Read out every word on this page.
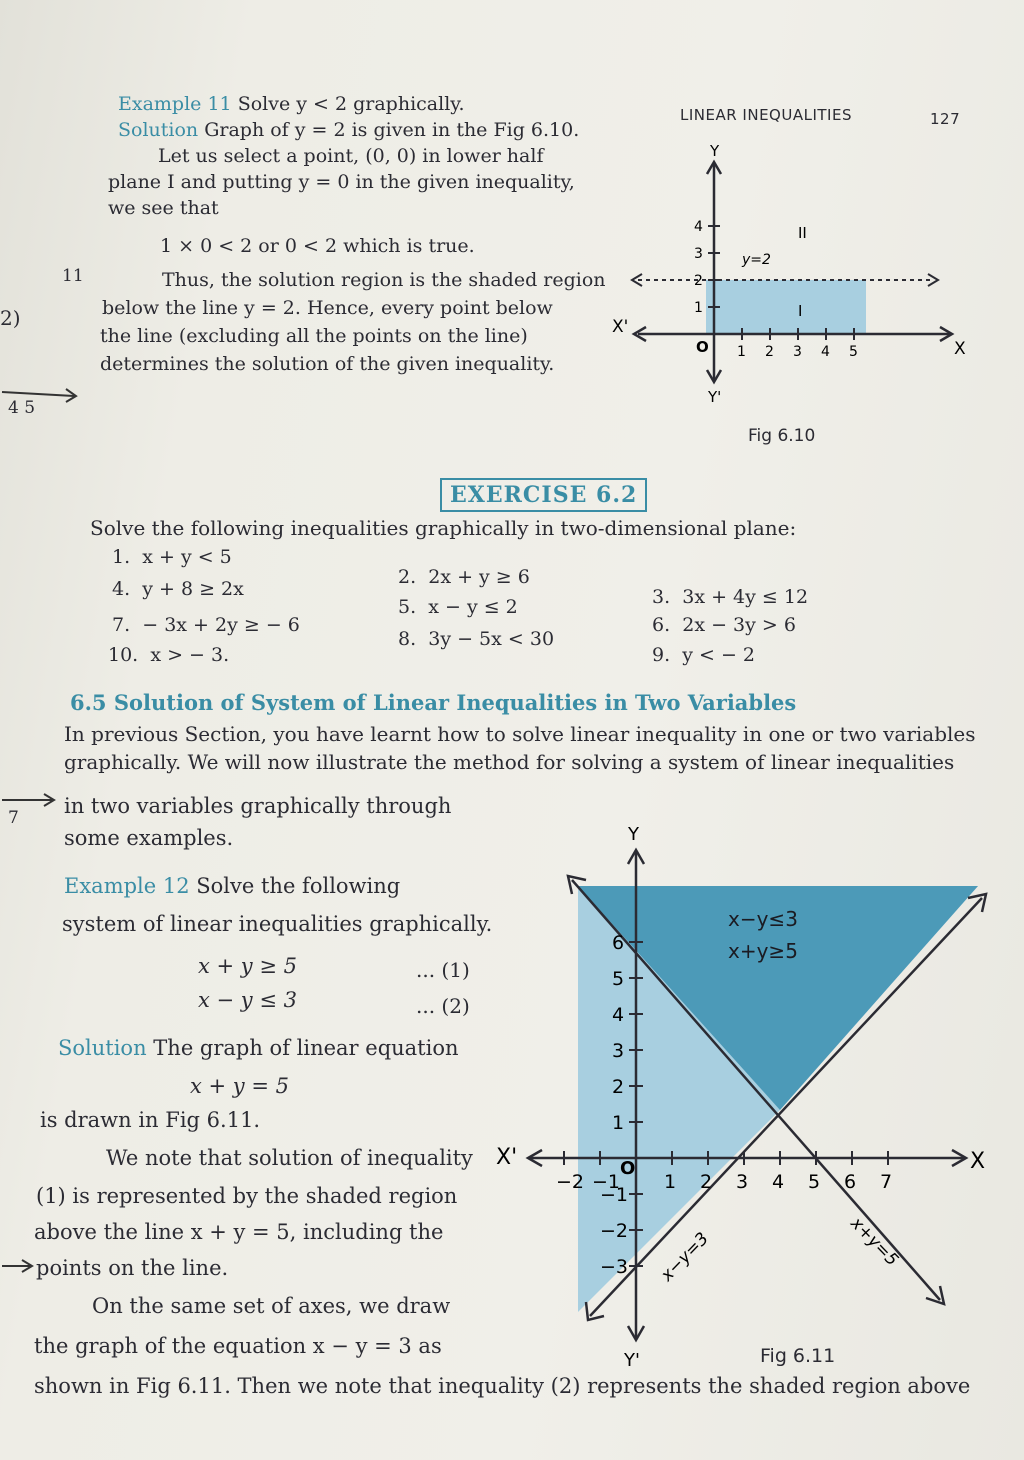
11
2)
4 5
7
LINEAR INEQUALITIES	127
Example 11 Solve y < 2 graphically.
Solution Graph of y = 2 is given in the Fig 6.10.
Let us select a point, (0, 0) in lower half
plane I and putting y = 0 in the given inequality,
we see that
1 × 0 < 2 or 0 < 2 which is true.
Thus, the solution region is the shaded region
below the line y = 2. Hence, every point below
the line (excluding all the points on the line)
determines the solution of the given inequality.
Y
Y'
X
X'
O 1 2 3 4 5
1
2
3
4
y=2
I
II
Fig 6.10
EXERCISE 6.2
Solve the following inequalities graphically in two-dimensional plane:
1. x + y < 5
2. 2x + y ≥ 6
3. 3x + 4y ≤ 12
4. y + 8 ≥ 2x
5. x − y ≤ 2
6. 2x − 3y > 6
7. − 3x + 2y ≥ − 6
8. 3y − 5x < 30
9. y < − 2
10. x > − 3.
6.5 Solution of System of Linear Inequalities in Two Variables
In previous Section, you have learnt how to solve linear inequality in one or two variables
graphically. We will now illustrate the method for solving a system of linear inequalities
in two variables graphically through
some examples.
Example 12 Solve the following
system of linear inequalities graphically.
x + y ≥ 5	... (1)
x − y ≤ 3	... (2)
Solution The graph of linear equation
x + y = 5
is drawn in Fig 6.11.
We note that solution of inequality
(1) is represented by the shaded region
above the line x + y = 5, including the
points on the line.
On the same set of axes, we draw
the graph of the equation x − y = 3 as
shown in Fig 6.11. Then we note that inequality (2) represents the shaded region above
−2 −1 1 2 3 4 5 6 7
1
2
3
4
5
6
−1
−2
−3
Y
Y'
X
X'	O
x−y≤3
x+y≥5
x−y=3	x+y=5
Fig 6.11
